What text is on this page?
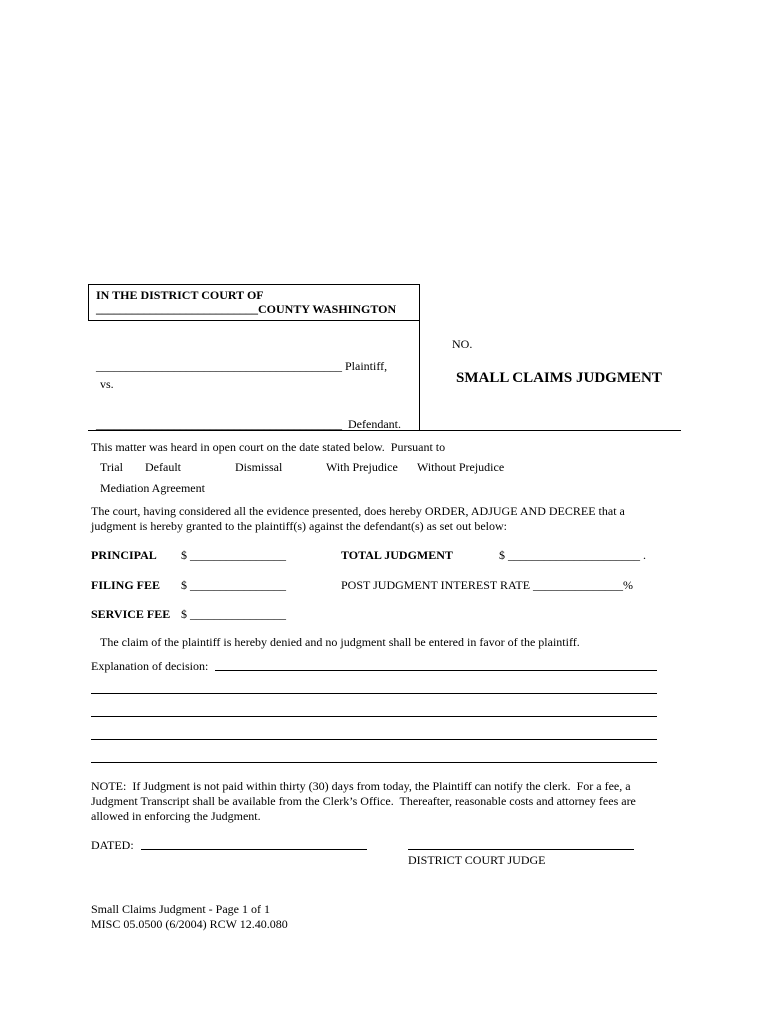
IN THE DISTRICT COURT OF
___________________________COUNTY WASHINGTON
_________________________________________ Plaintiff,
vs.
_________________________________________  Defendant.
NO.
SMALL CLAIMS JUDGMENT
This matter was heard in open court on the date stated below.  Pursuant to
Trial Default	Dismissal	With Prejudice Without Prejudice
Mediation Agreement
The court, having considered all the evidence presented, does hereby ORDER, ADJUGE AND DECREE that a
judgment is hereby granted to the plaintiff(s) against the defendant(s) as set out below:
PRINCIPAL $ ________________	TOTAL JUDGMENT	$ ______________________ .
FILING FEE $ ________________	POST JUDGMENT INTEREST RATE _______________%
SERVICE FEE $ ________________
The claim of the plaintiff is hereby denied and no judgment shall be entered in favor of the plaintiff.
Explanation of decision:
NOTE:  If Judgment is not paid within thirty (30) days from today, the Plaintiff can notify the clerk.  For a fee, a
Judgment Transcript shall be available from the Clerk’s Office.  Thereafter, reasonable costs and attorney fees are
allowed in enforcing the Judgment.
DATED:
DISTRICT COURT JUDGE
Small Claims Judgment - Page 1 of 1
MISC 05.0500 (6/2004) RCW 12.40.080
